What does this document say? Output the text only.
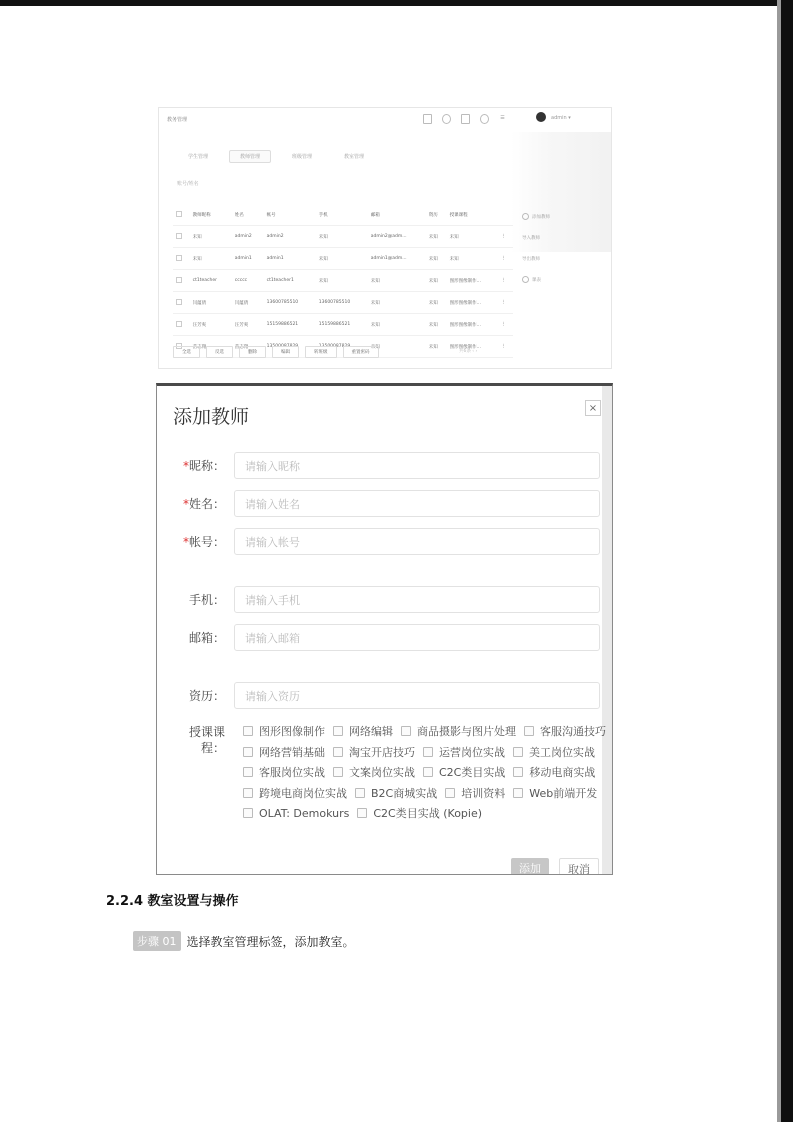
教务管理	☰	admin ▾
学生管理	教师管理	班级管理	教室管理
账号/姓名
	教师昵称	姓名	帐号	手机	邮箱	资历	授课课程	
	未知	admin2	admin2	未知	admin2@adm...	未知	未知	⋮
	未知	admin1	admin1	未知	admin1@adm...	未知	未知	⋮
	ct1teacher	ccccc	ct1teacher1	未知	未知	未知	图形图像制作...	⋮
	闫蕴倩	闫蕴倩	13600785510	13600785510	未知	未知	图形图像制作...	⋮
	汪芳爽	汪芳爽	15159886521	15159886521	未知	未知	图形图像制作...	⋮
	苗志翔	苗志翔	13500087829	13500087829	未知	未知	图形图像制作...	⋮
添加教师
导入教师
导出教师
课表
全选	反选	删除	编辑	转班级	重置密码	共6条 ‹ ›
添加教师	×
*昵称： 请输入昵称
*姓名： 请输入姓名
*帐号： 请输入帐号
手机： 请输入手机
邮箱： 请输入邮箱
资历： 请输入资历
授课课
程：
图形图像制作 网络编辑 商品摄影与图片处理 客服沟通技巧
网络营销基础 淘宝开店技巧 运营岗位实战 美工岗位实战
客服岗位实战 文案岗位实战 C2C类目实战 移动电商实战
跨境电商岗位实战 B2C商城实战 培训资料 Web前端开发
OLAT: Demokurs C2C类目实战 (Kopie)
添加	取消
2.2.4 教室设置与操作
步骤 01 选择教室管理标签，添加教室。
